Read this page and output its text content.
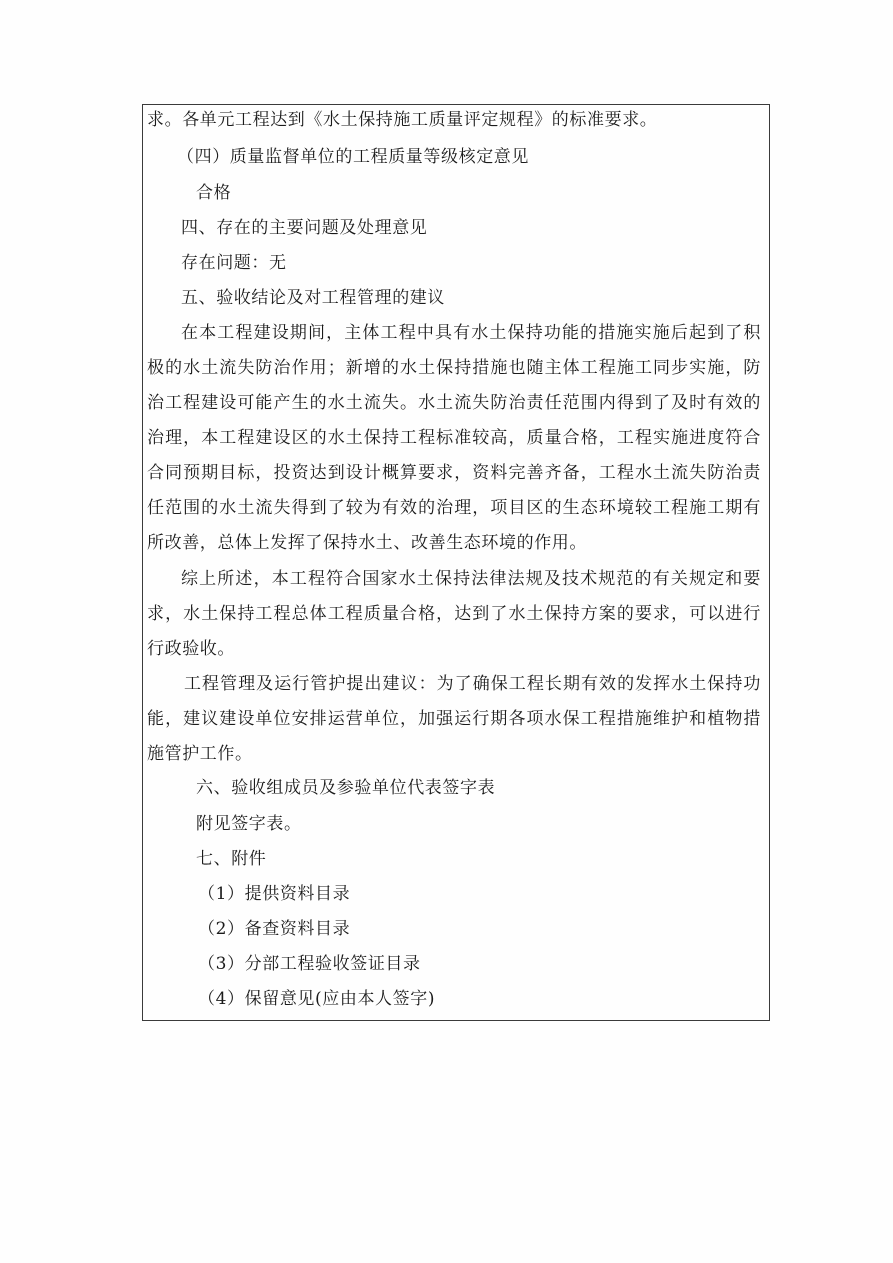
求。各单元工程达到《水土保持施工质量评定规程》的标准要求。
（四）质量监督单位的工程质量等级核定意见
合格
四、存在的主要问题及处理意见
存在问题：无
五、验收结论及对工程管理的建议
在本工程建设期间，主体工程中具有水土保持功能的措施实施后起到了积
极的水土流失防治作用；新增的水土保持措施也随主体工程施工同步实施，防
治工程建设可能产生的水土流失。水土流失防治责任范围内得到了及时有效的
治理，本工程建设区的水土保持工程标准较高，质量合格，工程实施进度符合
合同预期目标，投资达到设计概算要求，资料完善齐备，工程水土流失防治责
任范围的水土流失得到了较为有效的治理，项目区的生态环境较工程施工期有
所改善，总体上发挥了保持水土、改善生态环境的作用。
综上所述，本工程符合国家水土保持法律法规及技术规范的有关规定和要
求，水土保持工程总体工程质量合格，达到了水土保持方案的要求，可以进行
行政验收。
工程管理及运行管护提出建议：为了确保工程长期有效的发挥水土保持功
能，建议建设单位安排运营单位，加强运行期各项水保工程措施维护和植物措
施管护工作。
六、验收组成员及参验单位代表签字表
附见签字表。
七、附件
（1）提供资料目录
（2）备查资料目录
（3）分部工程验收签证目录
（4）保留意见(应由本人签字)
